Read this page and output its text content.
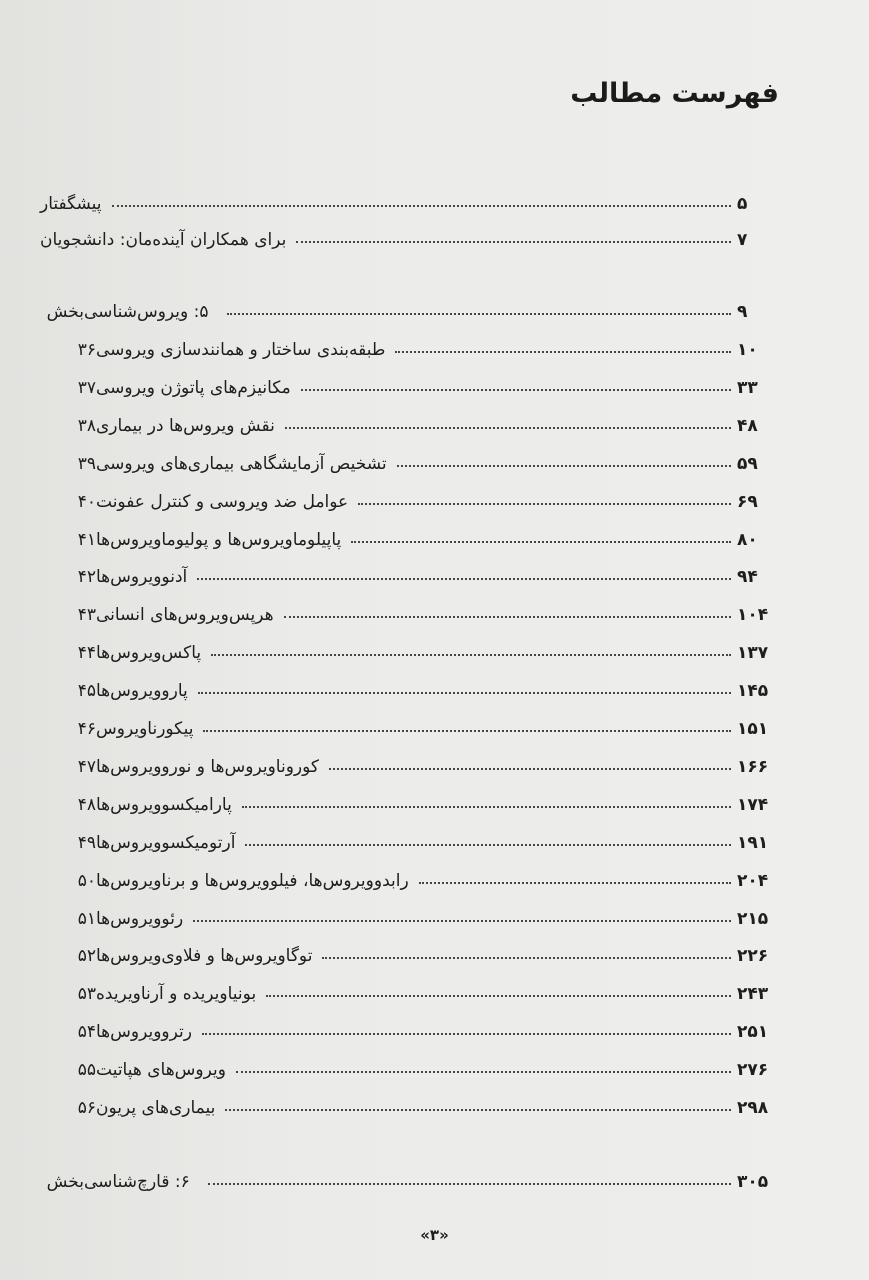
فهرست مطالب
پیشگفتار	۵
برای همکاران آینده‌مان: دانشجویان	۷
بخش ۵: ویروس‌شناسی	۹
۳۶ طبقه‌بندی ساختار و همانندسازی ویروسی	۱۰
۳۷ مکانیزم‌های پاتوژن ویروسی	۳۳
۳۸ نقش ویروس‌ها در بیماری	۴۸
۳۹ تشخیص آزمایشگاهی بیماری‌های ویروسی	۵۹
۴۰ عوامل ضد ویروسی و کنترل عفونت	۶۹
۴۱ پاپیلوماویروس‌ها و پولیوماویروس‌ها	۸۰
۴۲ آدنوویروس‌ها	۹۴
۴۳ هرپس‌ویروس‌های انسانی	۱۰۴
۴۴ پاکس‌ویروس‌ها	۱۳۷
۴۵ پاروویروس‌ها	۱۴۵
۴۶ پیکورناویروس	۱۵۱
۴۷ کوروناویروس‌ها و نوروویروس‌ها	۱۶۶
۴۸ پارامیکسوویروس‌ها	۱۷۴
۴۹ آرتومیکسوویروس‌ها	۱۹۱
۵۰ رابدوویروس‌ها، فیلوویروس‌ها و برناویروس‌ها	۲۰۴
۵۱ رئوویروس‌ها	۲۱۵
۵۲ توگاویروس‌ها و فلاوی‌ویروس‌ها	۲۲۶
۵۳ بونیاویریده و آرناویریده	۲۴۳
۵۴ رتروویروس‌ها	۲۵۱
۵۵ ویروس‌های هپاتیت	۲۷۶
۵۶ بیماری‌های پریون	۲۹۸
بخش ۶: قارچ‌شناسی	۳۰۵
«۳»
